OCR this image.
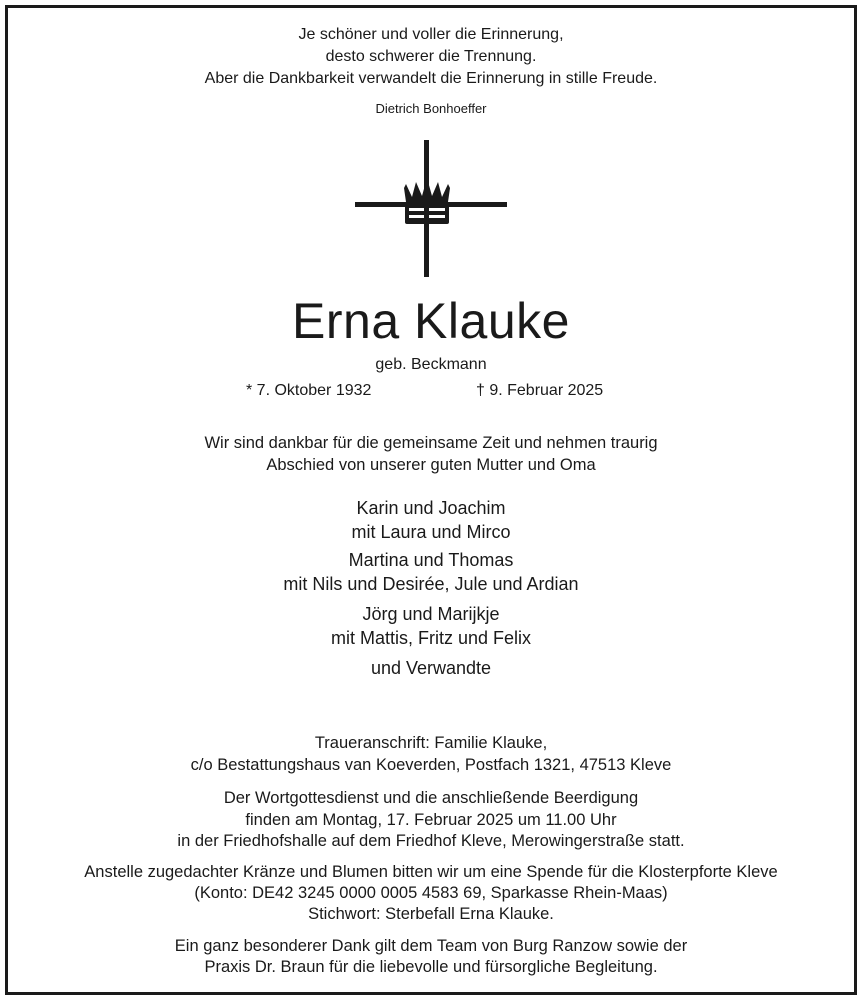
Je schöner und voller die Erinnerung,
desto schwerer die Trennung.
Aber die Dankbarkeit verwandelt die Erinnerung in stille Freude.
Dietrich Bonhoeffer
Erna Klauke
geb. Beckmann
* 7. Oktober 1932	† 9. Februar 2025
Wir sind dankbar für die gemeinsame Zeit und nehmen traurig
Abschied von unserer guten Mutter und Oma
Karin und Joachim
mit Laura und Mirco
Martina und Thomas
mit Nils und Desirée, Jule und Ardian
Jörg und Marijkje
mit Mattis, Fritz und Felix
und Verwandte
Traueranschrift: Familie Klauke,
c/o Bestattungshaus van Koeverden, Postfach 1321, 47513 Kleve
Der Wortgottesdienst und die anschließende Beerdigung
finden am Montag, 17. Februar 2025 um 11.00 Uhr
in der Friedhofshalle auf dem Friedhof Kleve, Merowingerstraße statt.
Anstelle zugedachter Kränze und Blumen bitten wir um eine Spende für die Klosterpforte Kleve
(Konto: DE42 3245 0000 0005 4583 69, Sparkasse Rhein-Maas)
Stichwort: Sterbefall Erna Klauke.
Ein ganz besonderer Dank gilt dem Team von Burg Ranzow sowie der
Praxis Dr. Braun für die liebevolle und fürsorgliche Begleitung.
